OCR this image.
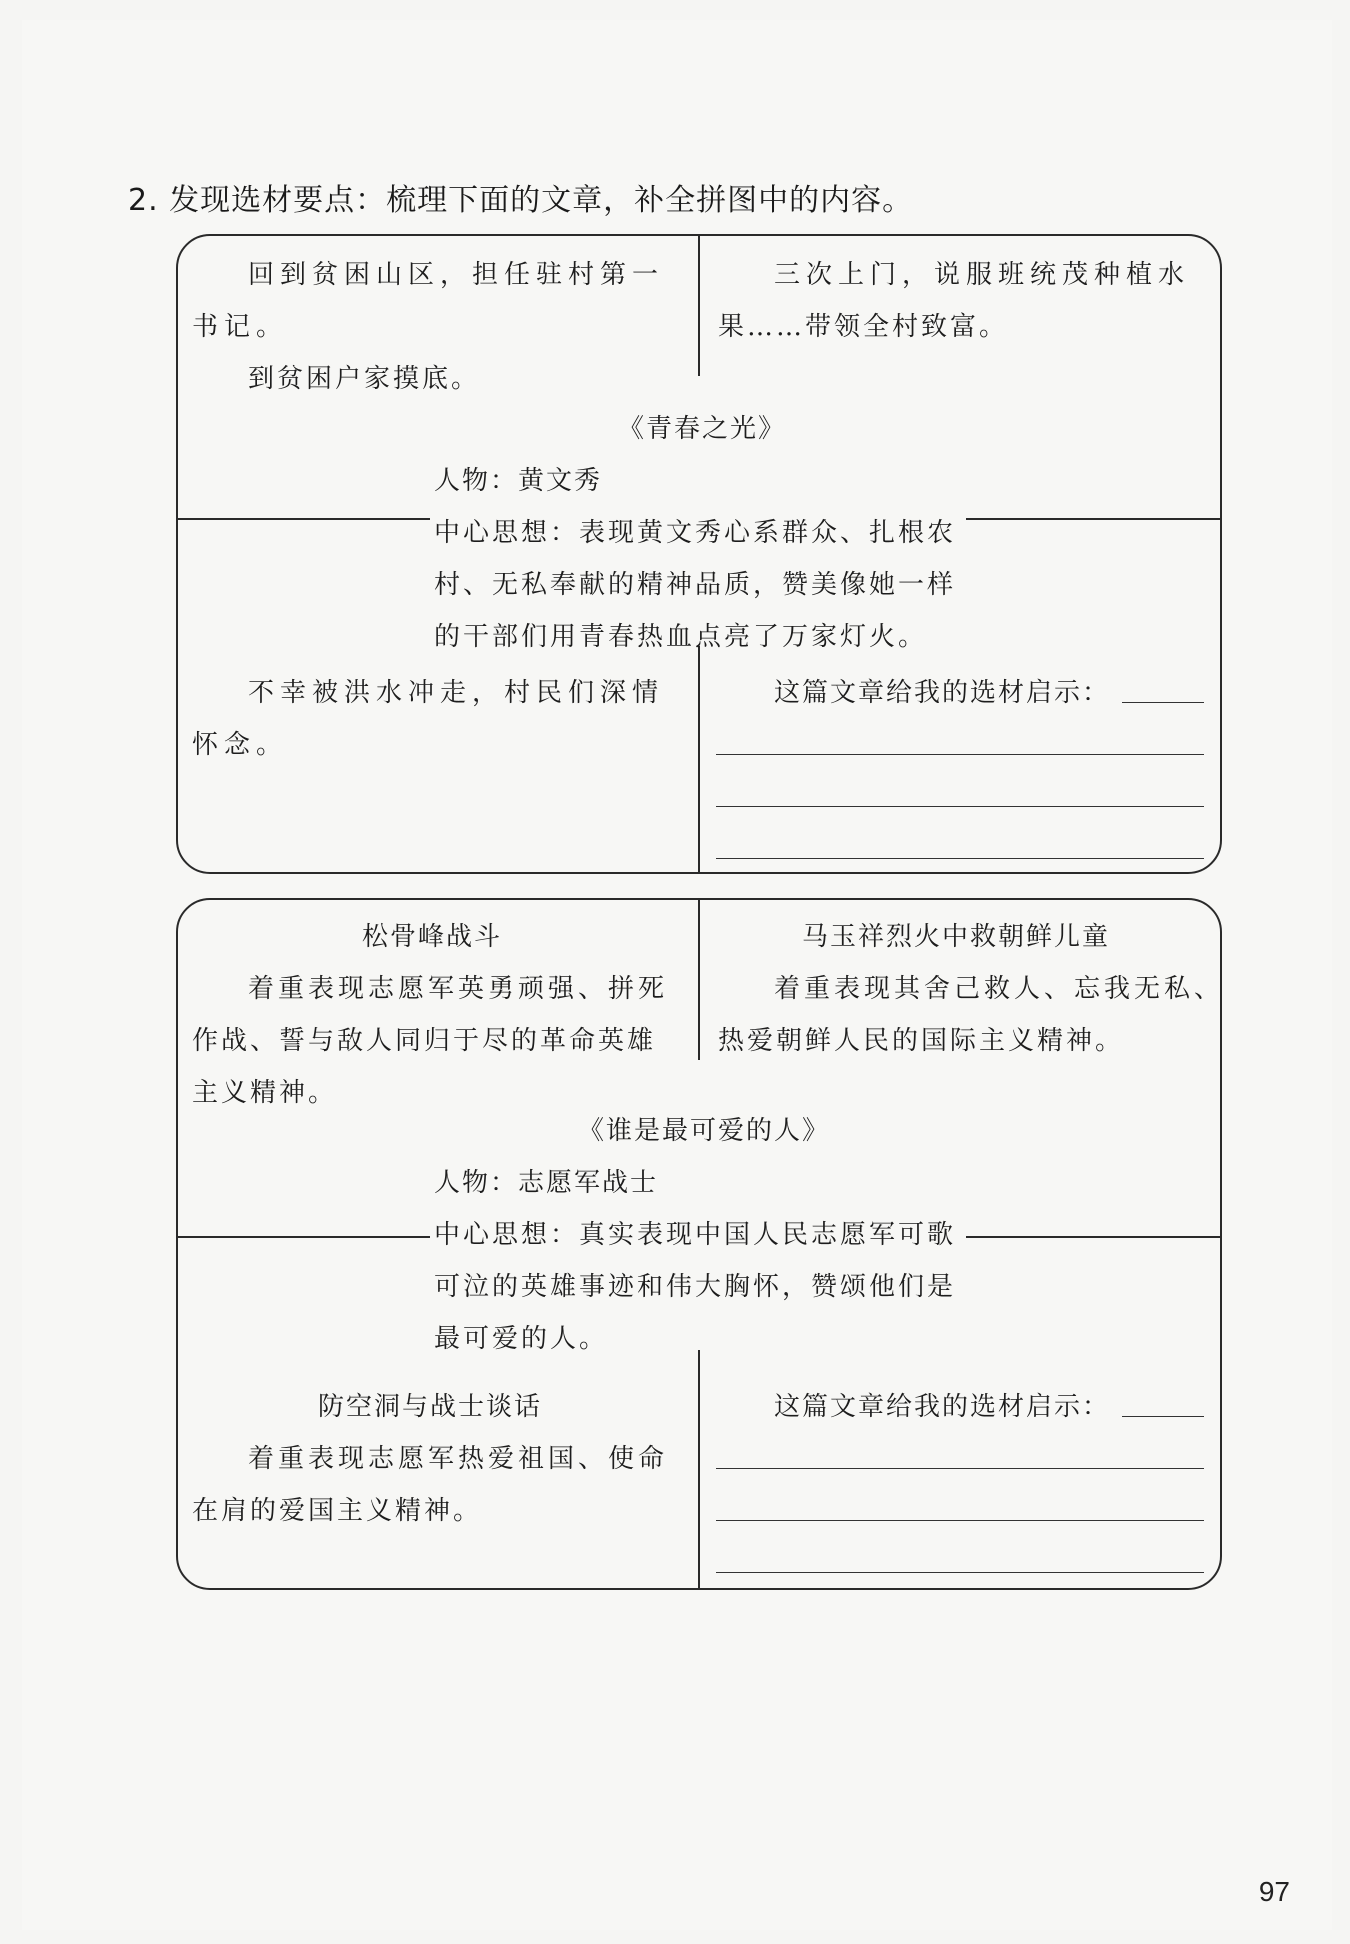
2. 发现选材要点：梳理下面的文章，补全拼图中的内容。
回到贫困山区，担任驻村第一
书记。
到贫困户家摸底。
三次上门，说服班统茂种植水
果……带领全村致富。
《青春之光》
人物：黄文秀
中心思想：表现黄文秀心系群众、扎根农
村、无私奉献的精神品质，赞美像她一样
的干部们用青春热血点亮了万家灯火。
不幸被洪水冲走，村民们深情
怀念。
这篇文章给我的选材启示：
松骨峰战斗
着重表现志愿军英勇顽强、拼死
作战、誓与敌人同归于尽的革命英雄
主义精神。
马玉祥烈火中救朝鲜儿童
着重表现其舍己救人、忘我无私、
热爱朝鲜人民的国际主义精神。
《谁是最可爱的人》
人物：志愿军战士
中心思想：真实表现中国人民志愿军可歌
可泣的英雄事迹和伟大胸怀，赞颂他们是
最可爱的人。
防空洞与战士谈话
着重表现志愿军热爱祖国、使命
在肩的爱国主义精神。
这篇文章给我的选材启示：
97
